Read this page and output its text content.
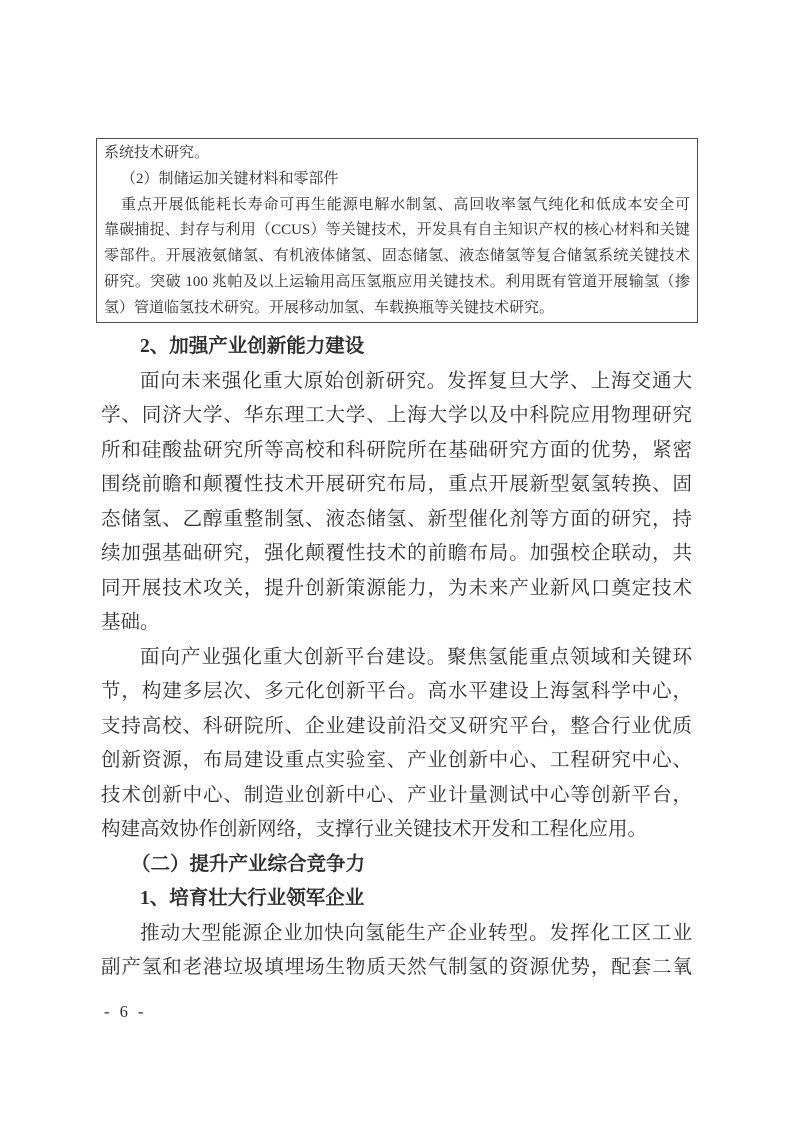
系统技术研究。
（2）制储运加关键材料和零部件
重点开展低能耗长寿命可再生能源电解水制氢、高回收率氢气纯化和低成本安全可
靠碳捕捉、封存与利用（CCUS）等关键技术，开发具有自主知识产权的核心材料和关键
零部件。开展液氨储氢、有机液体储氢、固态储氢、液态储氢等复合储氢系统关键技术
研究。突破 100 兆帕及以上运输用高压氢瓶应用关键技术。利用既有管道开展输氢（掺
氢）管道临氢技术研究。开展移动加氢、车载换瓶等关键技术研究。
2、加强产业创新能力建设
面向未来强化重大原始创新研究。发挥复旦大学、上海交通大
学、同济大学、华东理工大学、上海大学以及中科院应用物理研究
所和硅酸盐研究所等高校和科研院所在基础研究方面的优势，紧密
围绕前瞻和颠覆性技术开展研究布局，重点开展新型氨氢转换、固
态储氢、乙醇重整制氢、液态储氢、新型催化剂等方面的研究，持
续加强基础研究，强化颠覆性技术的前瞻布局。加强校企联动，共
同开展技术攻关，提升创新策源能力，为未来产业新风口奠定技术
基础。
面向产业强化重大创新平台建设。聚焦氢能重点领域和关键环
节，构建多层次、多元化创新平台。高水平建设上海氢科学中心，
支持高校、科研院所、企业建设前沿交叉研究平台，整合行业优质
创新资源，布局建设重点实验室、产业创新中心、工程研究中心、
技术创新中心、制造业创新中心、产业计量测试中心等创新平台，
构建高效协作创新网络，支撑行业关键技术开发和工程化应用。
（二）提升产业综合竞争力
1、培育壮大行业领军企业
推动大型能源企业加快向氢能生产企业转型。发挥化工区工业
副产氢和老港垃圾填埋场生物质天然气制氢的资源优势，配套二氧
- 6 -
